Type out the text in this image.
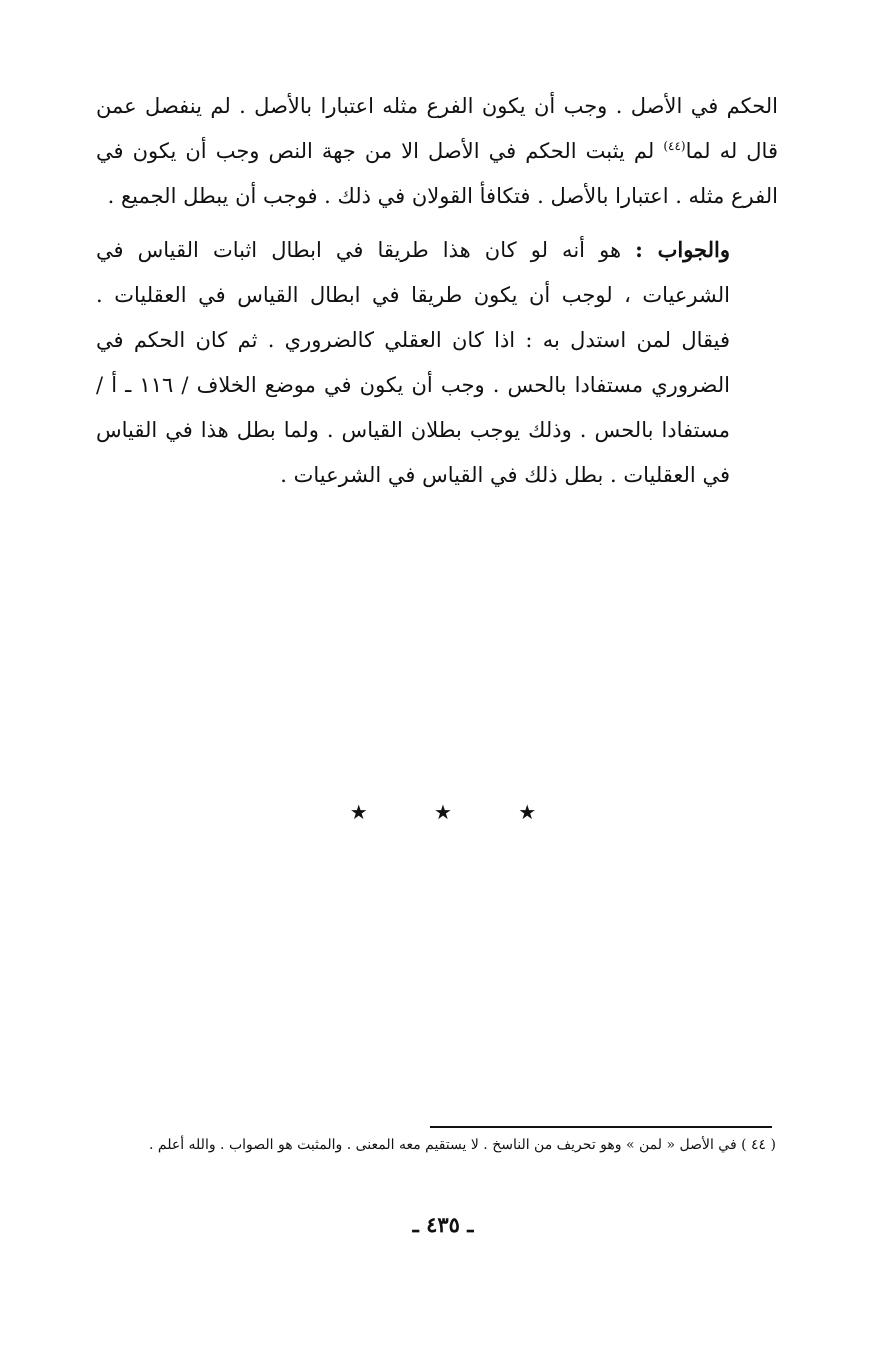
الحكم في الأصل . وجب أن يكون الفرع مثله اعتبارا بالأصل . لم ينفصل عمن قال له لما$^{(٤٤)}$ لم يثبت الحكم في الأصل الا من جهة النص وجب أن يكون في الفرع مثله . اعتبارا بالأصل . فتكافأ القولان في ذلك . فوجب أن يبطل الجميع .

والجواب : هو أنه لو كان هذا طريقا في ابطال اثبات القياس في الشرعيات ، لوجب أن يكون طريقا في ابطال القياس في العقليات . فيقال لمن استدل به : اذا كان العقلي كالضروري . ثم كان الحكم في الضروري مستفادا بالحس . وجب أن يكون في موضع الخلاف / ١١٦ ـ أ / مستفادا بالحس . وذلك يوجب بطلان القياس . ولما بطل هذا في القياس في العقليات . بطل ذلك في القياس في الشرعيات .

★ ★ ★

( ٤٤ ) في الأصل « لمن » وهو تحريف من الناسخ . لا يستقيم معه المعنى . والمثبت هو الصواب . والله أعلم .

ـ ٤٣٥ ـ
